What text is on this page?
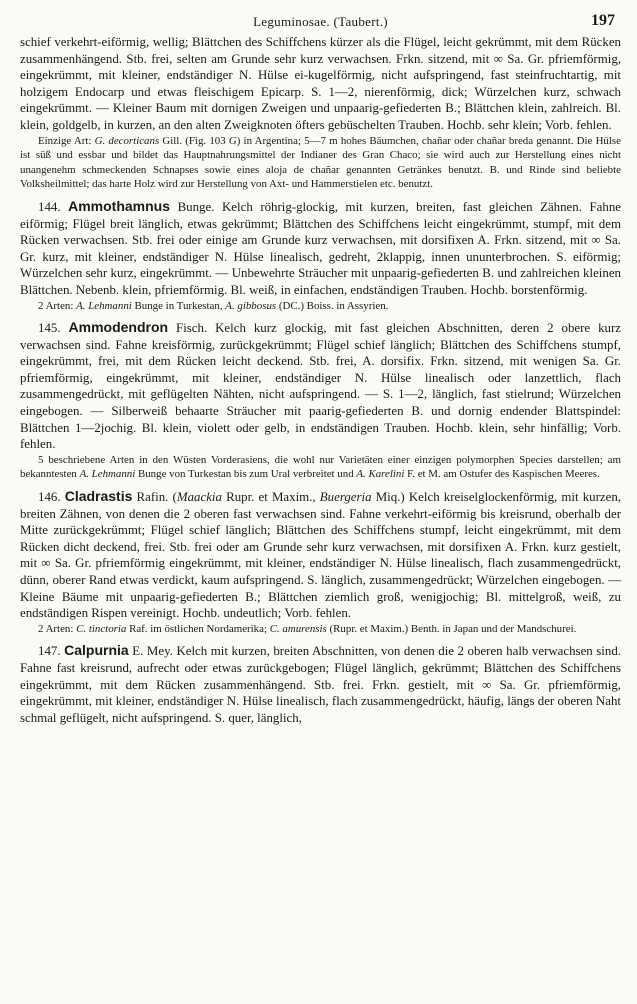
Leguminosae. (Taubert.)	197

schief verkehrt-eiförmig, wellig; Blättchen des Schiffchens kürzer als die Flügel, leicht gekrümmt, mit dem Rücken zusammenhängend. Stb. frei, selten am Grunde sehr kurz verwachsen. Frkn. sitzend, mit ∞ Sa. Gr. pfriemförmig, eingekrümmt, mit kleiner, endständiger N. Hülse ei-kugelförmig, nicht aufspringend, fast steinfruchtartig, mit holzigem Endocarp und etwas fleischigem Epicarp. S. 1—2, nierenförmig, dick; Würzelchen kurz, schwach eingekrümmt. — Kleiner Baum mit dornigen Zweigen und unpaarig-gefiederten B.; Blättchen klein, zahlreich. Bl. klein, goldgelb, in kurzen, an den alten Zweigknoten öfters gebüschelten Trauben. Hochb. sehr klein; Vorb. fehlen.

Einzige Art: G. decorticans Gill. (Fig. 103 G) in Argentina; 5—7 m hohes Bäumchen, chañar oder chañar breda genannt. Die Hülse ist süß und essbar und bildet das Hauptnahrungsmittel der Indianer des Gran Chaco; sie wird auch zur Herstellung eines nicht unangenehm schmeckenden Schnapses sowie eines aloja de chañar genannten Getränkes benutzt. B. und Rinde sind beliebte Volksheilmittel; das harte Holz wird zur Herstellung von Axt- und Hammerstielen etc. benutzt.

144. Ammothamnus Bunge. Kelch röhrig-glockig, mit kurzen, breiten, fast gleichen Zähnen. Fahne eiförmig; Flügel breit länglich, etwas gekrümmt; Blättchen des Schiffchens leicht eingekrümmt, stumpf, mit dem Rücken verwachsen. Stb. frei oder einige am Grunde kurz verwachsen, mit dorsifixen A. Frkn. sitzend, mit ∞ Sa. Gr. kurz, mit kleiner, endständiger N. Hülse linealisch, gedreht, 2klappig, innen ununterbrochen. S. eiförmig; Würzelchen sehr kurz, eingekrümmt. — Unbewehrte Sträucher mit unpaarig-gefiederten B. und zahlreichen kleinen Blättchen. Nebenb. klein, pfriemförmig. Bl. weiß, in einfachen, endständigen Trauben. Hochb. borstenförmig.

2 Arten: A. Lehmanni Bunge in Turkestan, A. gibbosus (DC.) Boiss. in Assyrien.

145. Ammodendron Fisch. Kelch kurz glockig, mit fast gleichen Abschnitten, deren 2 obere kurz verwachsen sind. Fahne kreisförmig, zurückgekrümmt; Flügel schief länglich; Blättchen des Schiffchens stumpf, eingekrümmt, frei, mit dem Rücken leicht deckend. Stb. frei, A. dorsifix. Frkn. sitzend, mit wenigen Sa. Gr. pfriemförmig, eingekrümmt, mit kleiner, endständiger N. Hülse linealisch oder lanzettlich, flach zusammengedrückt, mit geflügelten Nähten, nicht aufspringend. — S. 1—2, länglich, fast stielrund; Würzelchen eingebogen. — Silberweiß behaarte Sträucher mit paarig-gefiederten B. und dornig endender Blattspindel: Blättchen 1—2jochig. Bl. klein, violett oder gelb, in endständigen Trauben. Hochb. klein, sehr hinfällig; Vorb. fehlen.

5 beschriebene Arten in den Wüsten Vorderasiens, die wohl nur Varietäten einer einzigen polymorphen Species darstellen; am bekanntesten A. Lehmanni Bunge von Turkestan bis zum Ural verbreitet und A. Karelini F. et M. am Ostufer des Kaspischen Meeres.

146. Cladrastis Rafin. (Maackia Rupr. et Maxim., Buergeria Miq.) Kelch kreiselglockenförmig, mit kurzen, breiten Zähnen, von denen die 2 oberen fast verwachsen sind. Fahne verkehrt-eiförmig bis kreisrund, oberhalb der Mitte zurückgekrümmt; Flügel schief länglich; Blättchen des Schiffchens stumpf, leicht eingekrümmt, mit dem Rücken dicht deckend, frei. Stb. frei oder am Grunde sehr kurz verwachsen, mit dorsifixen A. Frkn. kurz gestielt, mit ∞ Sa. Gr. pfriemförmig eingekrümmt, mit kleiner, endständiger N. Hülse linealisch, flach zusammengedrückt, dünn, oberer Rand etwas verdickt, kaum aufspringend. S. länglich, zusammengedrückt; Würzelchen eingebogen. — Kleine Bäume mit unpaarig-gefiederten B.; Blättchen ziemlich groß, wenigjochig; Bl. mittelgroß, weiß, zu endständigen Rispen vereinigt. Hochb. undeutlich; Vorb. fehlen.

2 Arten: C. tinctoria Raf. im östlichen Nordamerika; C. amurensis (Rupr. et Maxim.) Benth. in Japan und der Mandschurei.

147. Calpurnia E. Mey. Kelch mit kurzen, breiten Abschnitten, von denen die 2 oberen halb verwachsen sind. Fahne fast kreisrund, aufrecht oder etwas zurückgebogen; Flügel länglich, gekrümmt; Blättchen des Schiffchens eingekrümmt, mit dem Rücken zusammenhängend. Stb. frei. Frkn. gestielt, mit ∞ Sa. Gr. pfriemförmig, eingekrümmt, mit kleiner, endständiger N. Hülse linealisch, flach zusammengedrückt, häufig, längs der oberen Naht schmal geflügelt, nicht aufspringend. S. quer, länglich,
